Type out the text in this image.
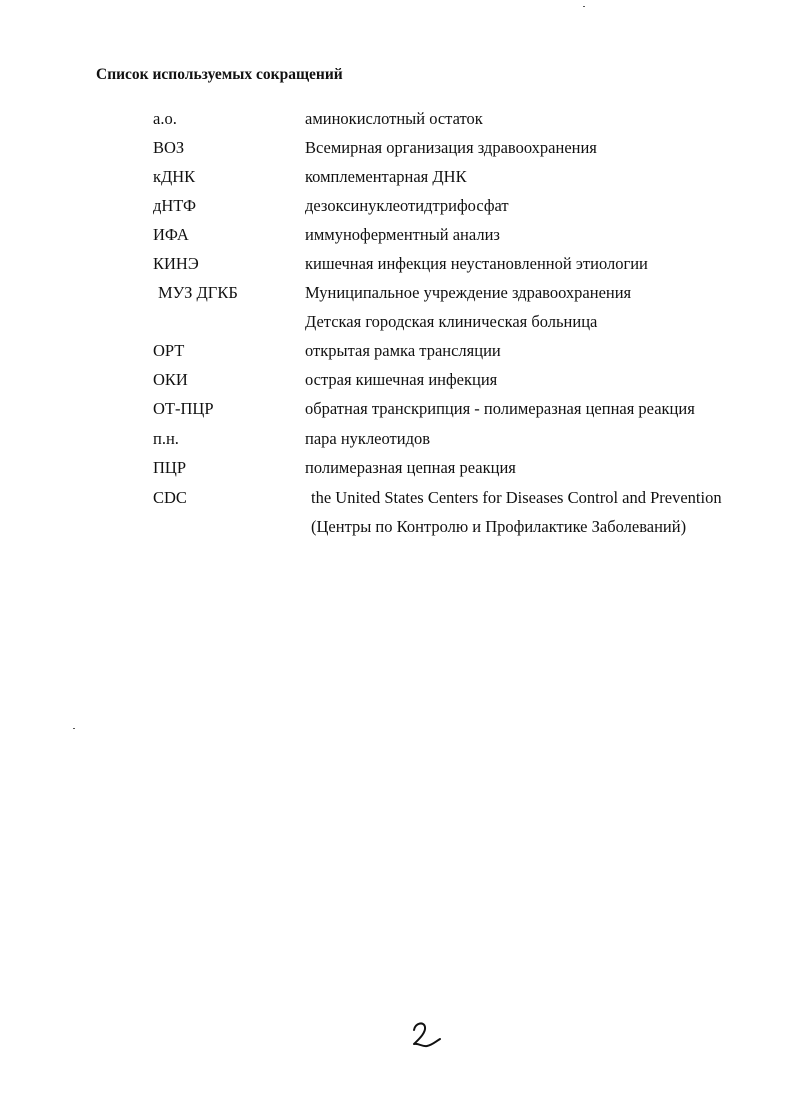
Список используемых сокращений
а.о.	аминокислотный остаток
ВОЗ	Всемирная организация здравоохранения
кДНК	комплементарная ДНК
дНТФ	дезоксинуклеотидтрифосфат
ИФА	иммуноферментный анализ
КИНЭ	кишечная инфекция неустановленной этиологии
МУЗ ДГКБ	Муниципальное учреждение здравоохранения
Детская городская клиническая больница
ОРТ	открытая рамка трансляции
ОКИ	острая кишечная инфекция
ОТ-ПЦР	обратная транскрипция - полимеразная цепная реакция
п.н.	пара нуклеотидов
ПЦР	полимеразная цепная реакция
CDC	the United States Centers for Diseases Control and Prevention
(Центры по Контролю и Профилактике Заболеваний)
